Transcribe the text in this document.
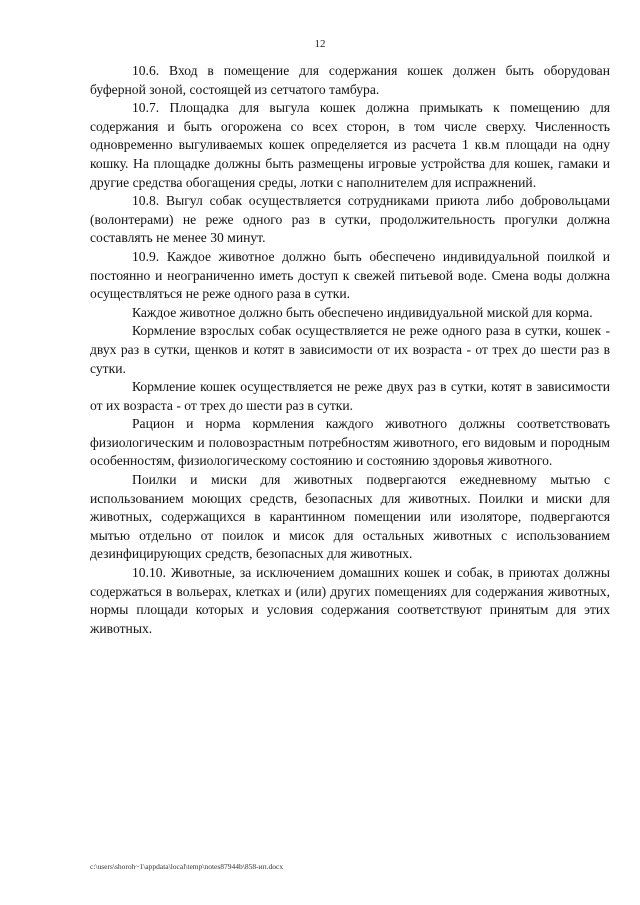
12

10.6. Вход в помещение для содержания кошек должен быть оборудован буферной зоной, состоящей из сетчатого тамбура.

10.7. Площадка для выгула кошек должна примыкать к помещению для содержания и быть огорожена со всех сторон, в том числе сверху. Численность одновременно выгуливаемых кошек определяется из расчета 1 кв.м площади на одну кошку. На площадке должны быть размещены игровые устройства для кошек, гамаки и другие средства обогащения среды, лотки с наполнителем для испражнений.

10.8. Выгул собак осуществляется сотрудниками приюта либо добровольцами (волонтерами) не реже одного раз в сутки, продолжительность прогулки должна составлять не менее 30 минут.

10.9. Каждое животное должно быть обеспечено индивидуальной поилкой и постоянно и неограниченно иметь доступ к свежей питьевой воде. Смена воды должна осуществляться не реже одного раза в сутки.

Каждое животное должно быть обеспечено индивидуальной миской для корма.

Кормление взрослых собак осуществляется не реже одного раза в сутки, кошек - двух раз в сутки, щенков и котят в зависимости от их возраста - от трех до шести раз в сутки.

Кормление кошек осуществляется не реже двух раз в сутки, котят в зависимости от их возраста - от трех до шести раз в сутки.

Рацион и норма кормления каждого животного должны соответствовать физиологическим и половозрастным потребностям животного, его видовым и породным особенностям, физиологическому состоянию и состоянию здоровья животного.

Поилки и миски для животных подвергаются ежедневному мытью с использованием моющих средств, безопасных для животных. Поилки и миски для животных, содержащихся в карантинном помещении или изоляторе, подвергаются мытью отдельно от поилок и мисок для остальных животных с использованием дезинфицирующих средств, безопасных для животных.

10.10. Животные, за исключением домашних кошек и собак, в приютах должны содержаться в вольерах, клетках и (или) других помещениях для содержания животных, нормы площади которых и условия содержания соответствуют принятым для этих животных.

c:\users\shoroh~1\appdata\local\temp\notes87944b\858-ип.docx
